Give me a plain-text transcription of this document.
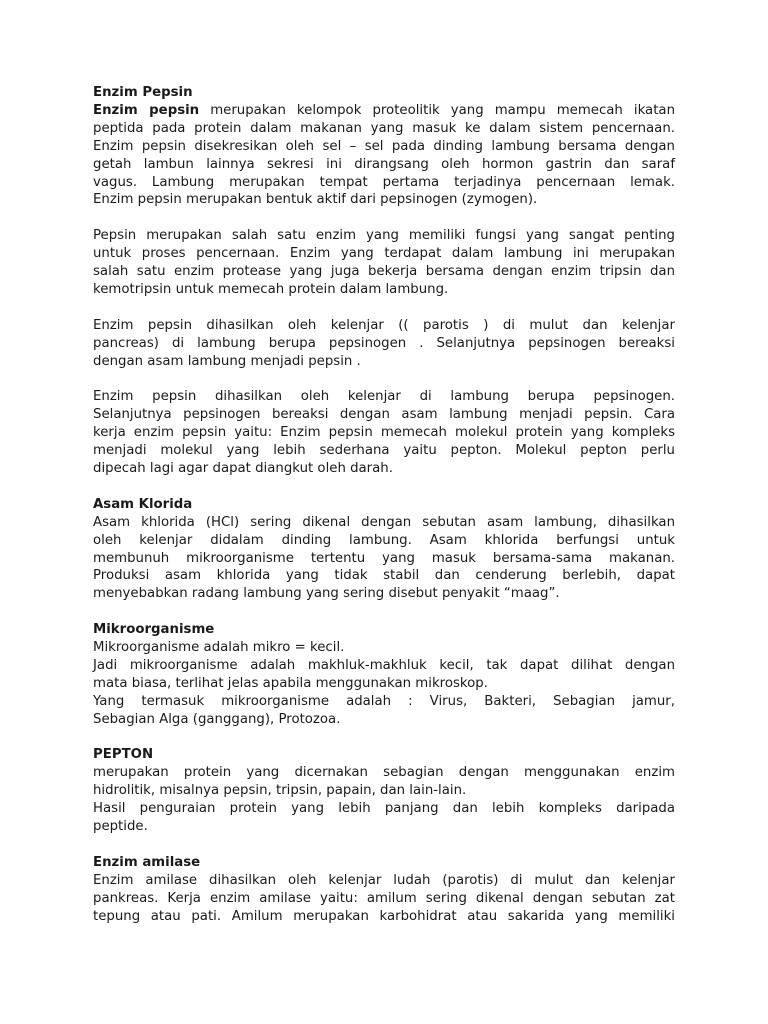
Enzim Pepsin
Enzim pepsin merupakan kelompok proteolitik yang mampu memecah ikatan
peptida pada protein dalam makanan yang masuk ke dalam sistem pencernaan.
Enzim pepsin disekresikan oleh sel – sel pada dinding lambung bersama dengan
getah lambun lainnya sekresi ini dirangsang oleh hormon gastrin dan saraf
vagus. Lambung merupakan tempat pertama terjadinya pencernaan lemak.
Enzim pepsin merupakan bentuk aktif dari pepsinogen (zymogen).
Pepsin merupakan salah satu enzim yang memiliki fungsi yang sangat penting
untuk proses pencernaan. Enzim yang terdapat dalam lambung ini merupakan
salah satu enzim protease yang juga bekerja bersama dengan enzim tripsin dan
kemotripsin untuk memecah protein dalam lambung.
Enzim pepsin dihasilkan oleh kelenjar (( parotis ) di mulut dan kelenjar
pancreas) di lambung berupa pepsinogen . Selanjutnya pepsinogen bereaksi
dengan asam lambung menjadi pepsin .
Enzim pepsin dihasilkan oleh kelenjar di lambung berupa pepsinogen.
Selanjutnya pepsinogen bereaksi dengan asam lambung menjadi pepsin. Cara
kerja enzim pepsin yaitu: Enzim pepsin memecah molekul protein yang kompleks
menjadi molekul yang lebih sederhana yaitu pepton. Molekul pepton perlu
dipecah lagi agar dapat diangkut oleh darah.
Asam Klorida
Asam khlorida (HCl) sering dikenal dengan sebutan asam lambung, dihasilkan
oleh kelenjar didalam dinding lambung. Asam khlorida berfungsi untuk
membunuh mikroorganisme tertentu yang masuk bersama-sama makanan.
Produksi asam khlorida yang tidak stabil dan cenderung berlebih, dapat
menyebabkan radang lambung yang sering disebut penyakit “maag”.
Mikroorganisme
Mikroorganisme adalah mikro = kecil.
Jadi mikroorganisme adalah makhluk-makhluk kecil, tak dapat dilihat dengan
mata biasa, terlihat jelas apabila menggunakan mikroskop.
Yang termasuk mikroorganisme adalah : Virus, Bakteri, Sebagian jamur,
Sebagian Alga (ganggang), Protozoa.
PEPTON
merupakan protein yang dicernakan sebagian dengan menggunakan enzim
hidrolitik, misalnya pepsin, tripsin, papain, dan lain-lain.
Hasil penguraian protein yang lebih panjang dan lebih kompleks daripada
peptide.
Enzim amilase
Enzim amilase dihasilkan oleh kelenjar ludah (parotis) di mulut dan kelenjar
pankreas. Kerja enzim amilase yaitu: amilum sering dikenal dengan sebutan zat
tepung atau pati. Amilum merupakan karbohidrat atau sakarida yang memiliki
